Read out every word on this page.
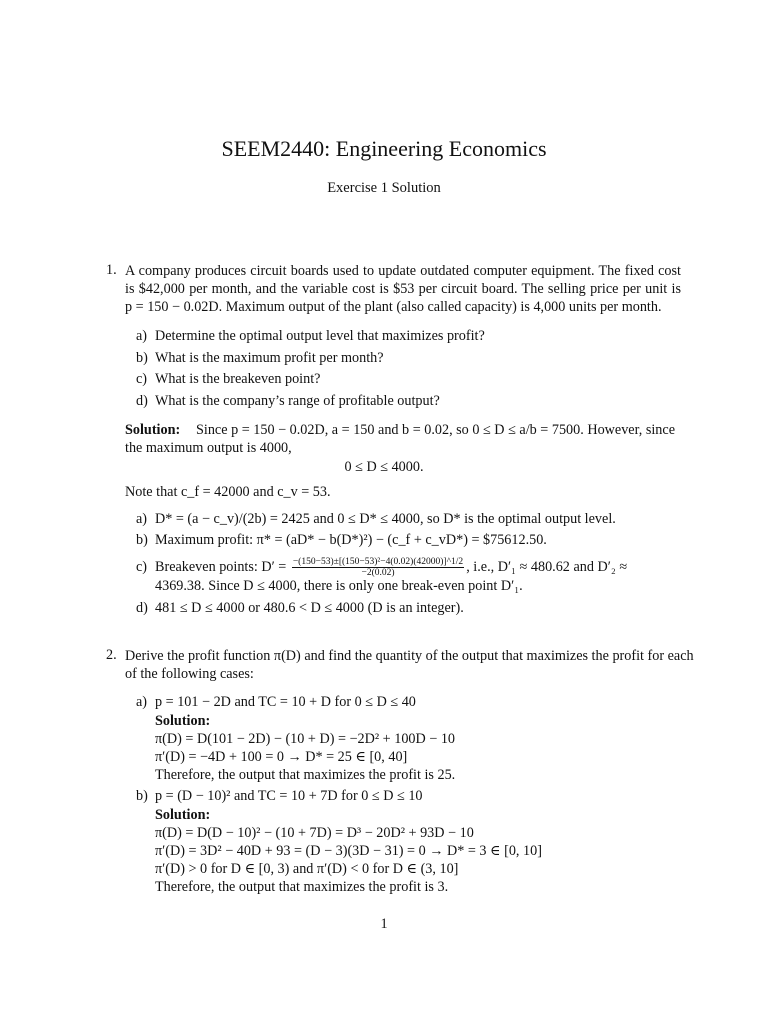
SEEM2440: Engineering Economics
Exercise 1 Solution
1. A company produces circuit boards used to update outdated computer equipment. The fixed cost
is $42,000 per month, and the variable cost is $53 per circuit board. The selling price per unit is
p = 150 − 0.02D. Maximum output of the plant (also called capacity) is 4,000 units per month.
a) Determine the optimal output level that maximizes profit?
b) What is the maximum profit per month?
c) What is the breakeven point?
d) What is the company’s range of profitable output?
Solution: Since p = 150 − 0.02D, a = 150 and b = 0.02, so 0 ≤ D ≤ a/b = 7500. However, since
the maximum output is 4000,
0 ≤ D ≤ 4000.
Note that c_f = 42000 and c_v = 53.
a) D* = (a − c_v)/(2b) = 2425 and 0 ≤ D* ≤ 4000, so D* is the optimal output level.
b) Maximum profit: π* = (aD* − b(D*)²) − (c_f + c_vD*) = $75612.50.
c) Breakeven points: $D' = \frac{\text{−(150−53)±[(150−53)²−4(0.02)(42000)]\textasciicircum{}1/2}}{-2(0.02)}$ , i.e., D′₁ ≈ 480.62 and D′₂ ≈
4369.38. Since D ≤ 4000, there is only one break-even point D′₁.
d) 481 ≤ D ≤ 4000 or 480.6 < D ≤ 4000 (D is an integer).
2. Derive the profit function π(D) and find the quantity of the output that maximizes the profit for each
of the following cases:
a) p = 101 − 2D and TC = 10 + D for 0 ≤ D ≤ 40
Solution:
π(D) = D(101 − 2D) − (10 + D) = −2D² + 100D − 10
π′(D) = −4D + 100 = 0 → D* = 25 ∈ [0, 40]
Therefore, the output that maximizes the profit is 25.
b) p = (D − 10)² and TC = 10 + 7D for 0 ≤ D ≤ 10
Solution:
π(D) = D(D − 10)² − (10 + 7D) = D³ − 20D² + 93D − 10
π′(D) = 3D² − 40D + 93 = (D − 3)(3D − 31) = 0 → D* = 3 ∈ [0, 10]
π′(D) > 0 for D ∈ [0, 3) and π′(D) < 0 for D ∈ (3, 10]
Therefore, the output that maximizes the profit is 3.
1
